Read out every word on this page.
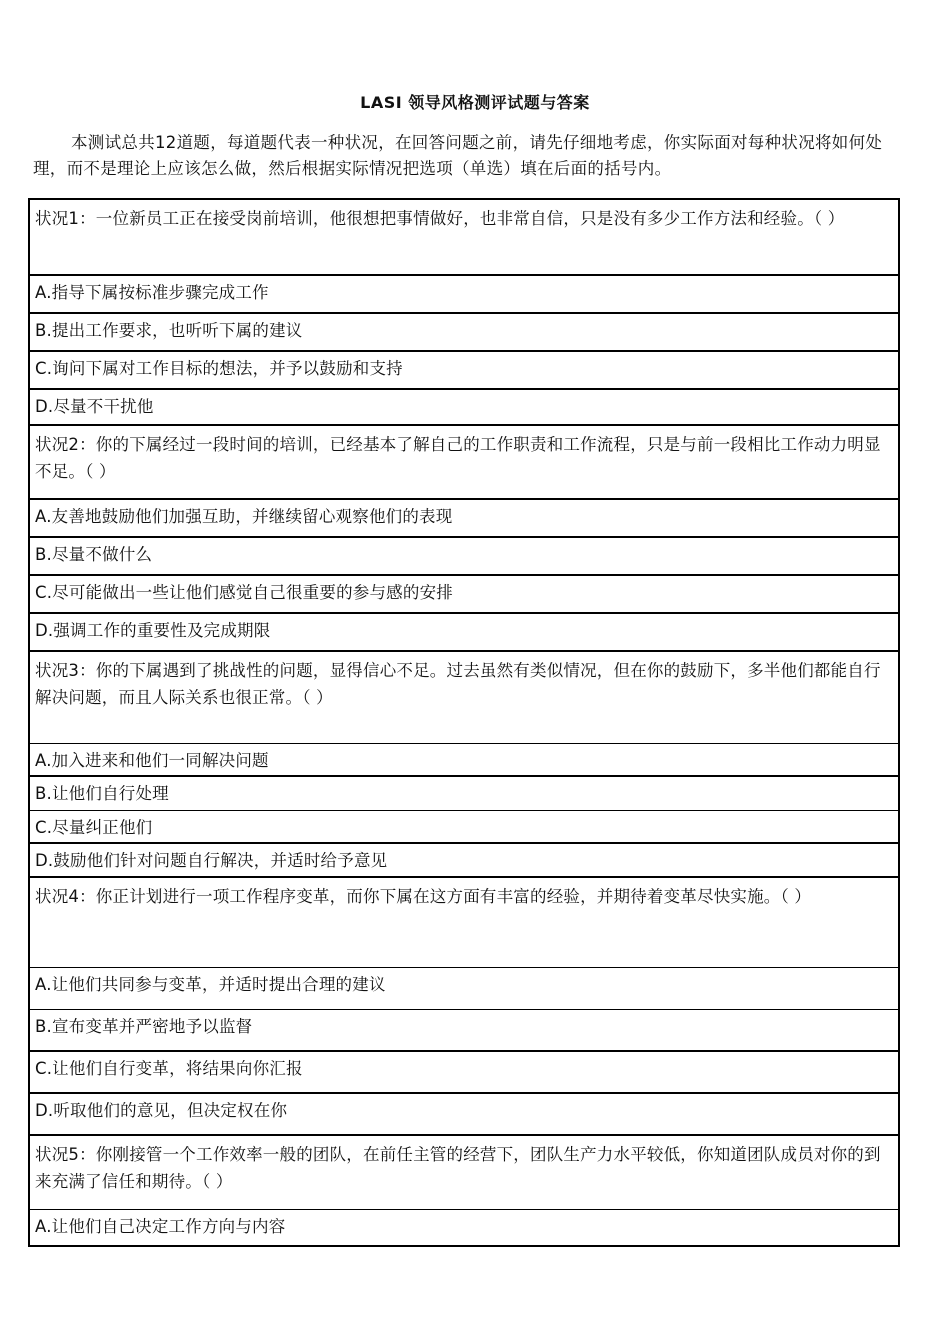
LASI 领导风格测评试题与答案
本测试总共12道题，每道题代表一种状况，在回答问题之前，请先仔细地考虑，你实际面对每种状况将如何处理，而不是理论上应该怎么做，然后根据实际情况把选项（单选）填在后面的括号内。
状况1：一位新员工正在接受岗前培训，他很想把事情做好，也非常自信，只是没有多少工作方法和经验。（ ）
A.指导下属按标准步骤完成工作
B.提出工作要求，也听听下属的建议
C.询问下属对工作目标的想法，并予以鼓励和支持
D.尽量不干扰他
状况2：你的下属经过一段时间的培训，已经基本了解自己的工作职责和工作流程，只是与前一段相比工作动力明显不足。（ ）
A.友善地鼓励他们加强互助，并继续留心观察他们的表现
B.尽量不做什么
C.尽可能做出一些让他们感觉自己很重要的参与感的安排
D.强调工作的重要性及完成期限
状况3：你的下属遇到了挑战性的问题，显得信心不足。过去虽然有类似情况，但在你的鼓励下，多半他们都能自行解决问题，而且人际关系也很正常。（ ）
A.加入进来和他们一同解决问题
B.让他们自行处理
C.尽量纠正他们
D.鼓励他们针对问题自行解决，并适时给予意见
状况4：你正计划进行一项工作程序变革，而你下属在这方面有丰富的经验，并期待着变革尽快实施。（ ）
A.让他们共同参与变革，并适时提出合理的建议
B.宣布变革并严密地予以监督
C.让他们自行变革，将结果向你汇报
D.听取他们的意见，但决定权在你
状况5：你刚接管一个工作效率一般的团队，在前任主管的经营下，团队生产力水平较低，你知道团队成员对你的到来充满了信任和期待。（ ）
A.让他们自己决定工作方向与内容
